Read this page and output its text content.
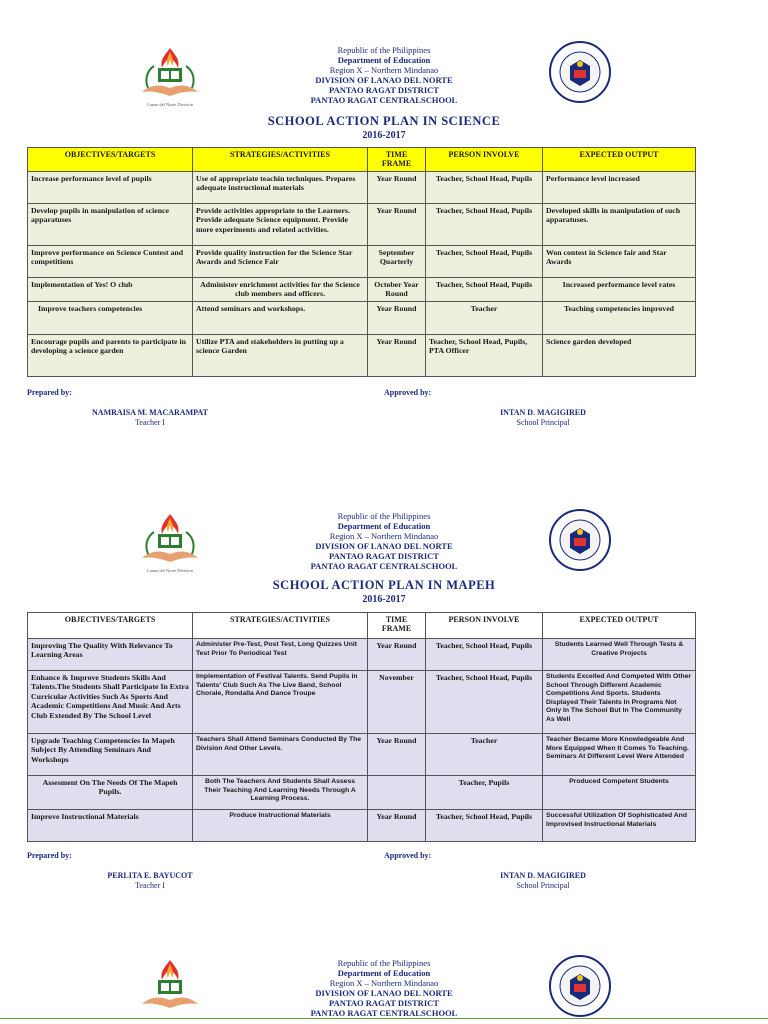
Lanao del Norte Division
Republic of the Philippines
Department of Education
Region X – Northern Mindanao
DIVISION OF LANAO DEL NORTE
PANTAO RAGAT DISTRICT
PANTAO RAGAT CENTRALSCHOOL
SCHOOL ACTION PLAN IN SCIENCE
2016-2017
OBJECTIVES/TARGETS	STRATEGIES/ACTIVITIES	TIME FRAME	PERSON INVOLVE	EXPECTED OUTPUT
Increase performance level of pupils	Use of appropriate teachin techniques. Prepares adequate instructional materials	Year Round	Teacher, School Head, Pupils	Performance level increased
Develop pupils in manipulation of science apparatuses	Provide activities appropriate to the Learners. Provide adequate Science equipment. Provide more experiments and related activities.	Year Round	Teacher, School Head, Pupils	Developed skills in manipulation of such apparatuses.
Improve performance on Science Contest and competitions	Provide quality instruction for the Science Star Awards and Science Fair	September Quarterly	Teacher, School Head, Pupils	Won contest in Science fair and Star Awards
Implementation of Yes! O club	Administer enrichment activities for the Science club members and officers.	October Year Round	Teacher, School Head, Pupils	Increased performance level rates
Improve teachers competencies	Attend seminars and workshops.	Year Round	Teacher	Teaching competencies improved
Encourage pupils and parents to participate in developing a science garden	Utilize PTA and stakeholders in putting up a science Garden	Year Round	Teacher, School Head, Pupils, PTA Officer	Science garden developed
Prepared by:	Approved by:
NAMRAISA M. MACARAMPAT
Teacher I
INTAN D. MAGIGIRED
School Principal
Lanao del Norte Division
Republic of the Philippines
Department of Education
Region X – Northern Mindanao
DIVISION OF LANAO DEL NORTE
PANTAO RAGAT DISTRICT
PANTAO RAGAT CENTRALSCHOOL
SCHOOL ACTION PLAN IN MAPEH
2016-2017
OBJECTIVES/TARGETS	STRATEGIES/ACTIVITIES	TIME FRAME	PERSON INVOLVE	EXPECTED OUTPUT
Improving The Quality With Relevance To Learning Areas	Administer Pre-Test, Post Test, Long Quizzes Unit Test Prior To Periodical Test	Year Round	Teacher, School Head, Pupils	Students Learned Well Through Tests & Creative Projects
Enhance & Improve Students Skills And Talents.The Students Shall Participate In Extra Curricular Activities Such As Sports And Academic Competitions And Music And Arts Club Extended By The School Level	Implementation of Festival Talents. Send Pupils in Talents' Club Such As The Live Band, School Chorale, Rondalla And Dance Troupe	November	Teacher, School Head, Pupils	Students Excelled And Competed With Other School Through Different Academic Competitions And Sports. Students Displayed Their Talents In Programs Not Only In The School But In The Community As Well
Upgrade Teaching Competencies In Mapeh Subject By Attending Seminars And Workshops	Teachers Shall Attend Seminars Conducted By The Division And Other Levels.	Year Round	Teacher	Teacher Became More Knowledgeable And More Equipped When It Comes To Teaching. Seminars At Different Level Were Attended
Assesment On The Needs Of The Mapeh Pupils.	Both The Teachers And Students Shall Assess Their Teaching And Learning Needs Through A Learning Process.		Teacher, Pupils	Produced Competent Students
Improve Instructional Materials	Produce Instructional Materials	Year Round	Teacher, School Head, Pupils	Successful Utilization Of Sophisticated And Improvised Instructional Materials
Prepared by:	Approved by:
PERLITA E. BAYUCOT
Teacher I
INTAN D. MAGIGIRED
School Principal
Republic of the Philippines
Department of Education
Region X – Northern Mindanao
DIVISION OF LANAO DEL NORTE
PANTAO RAGAT DISTRICT
PANTAO RAGAT CENTRALSCHOOL
